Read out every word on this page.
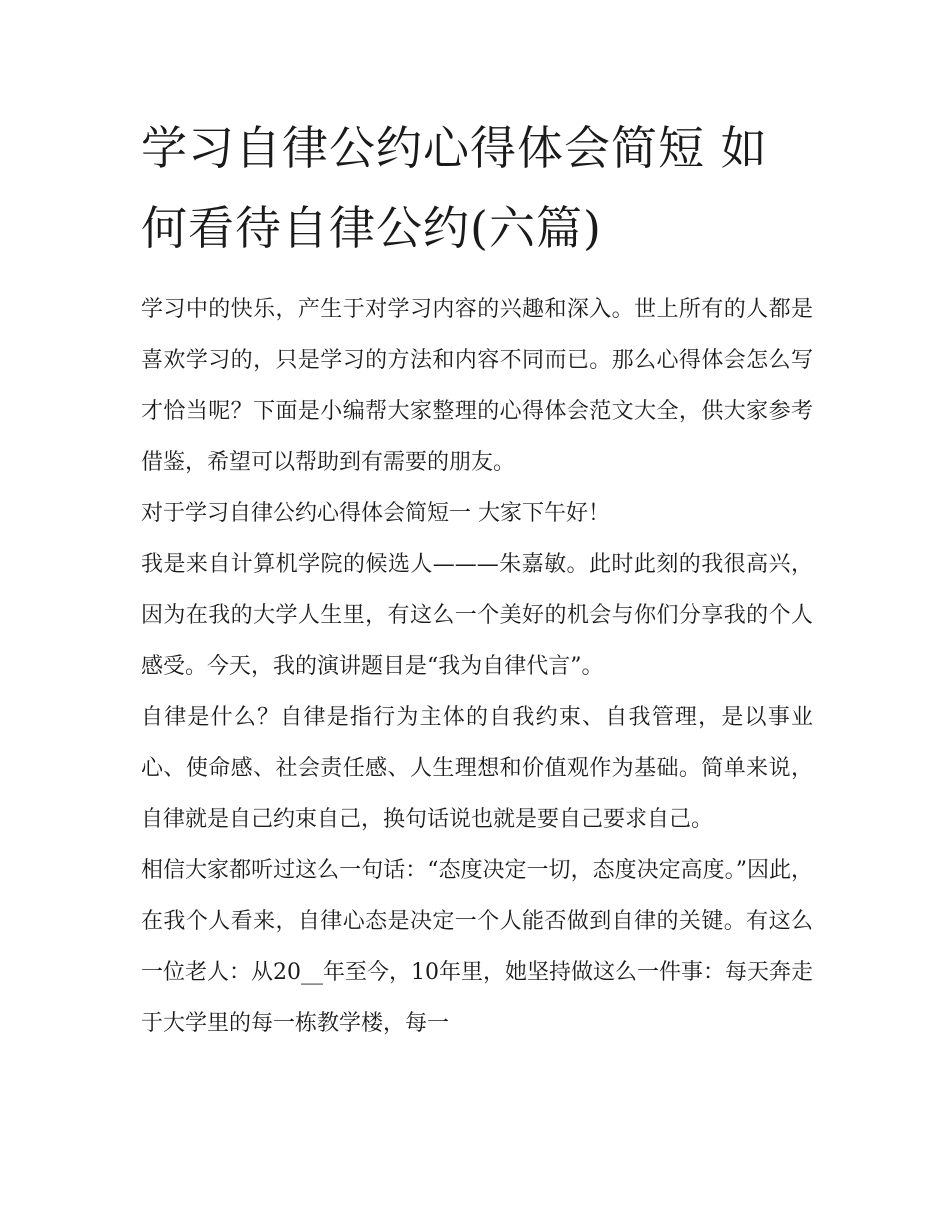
学习自律公约心得体会简短 如何看待自律公约(六篇)

学习中的快乐，产生于对学习内容的兴趣和深入。世上所有的人都是喜欢学习的，只是学习的方法和内容不同而已。那么心得体会怎么写才恰当呢？下面是小编帮大家整理的心得体会范文大全，供大家参考借鉴，希望可以帮助到有需要的朋友。

对于学习自律公约心得体会简短一 大家下午好！

我是来自计算机学院的候选人———朱嘉敏。此时此刻的我很高兴，因为在我的大学人生里，有这么一个美好的机会与你们分享我的个人感受。今天，我的演讲题目是“我为自律代言”。

自律是什么？自律是指行为主体的自我约束、自我管理，是以事业心、使命感、社会责任感、人生理想和价值观作为基础。简单来说，自律就是自己约束自己，换句话说也就是要自己要求自己。

相信大家都听过这么一句话：“态度决定一切，态度决定高度。”因此，在我个人看来，自律心态是决定一个人能否做到自律的关键。有这么一位老人：从20__年至今，10年里，她坚持做这么一件事：每天奔走于大学里的每一栋教学楼，每一
